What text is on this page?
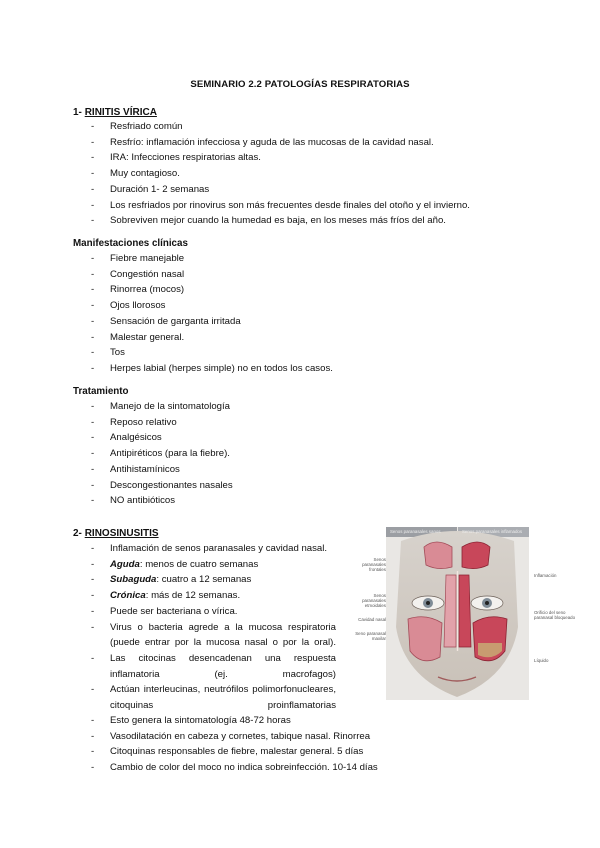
SEMINARIO 2.2 PATOLOGÍAS RESPIRATORIAS
1- RINITIS VÍRICA
- Resfriado común
- Resfrío: inflamación infecciosa y aguda de las mucosas de la cavidad nasal.
- IRA: Infecciones respiratorias altas.
- Muy contagioso.
- Duración 1- 2 semanas
- Los resfriados por rinovirus son más frecuentes desde finales del otoño y el invierno.
- Sobreviven mejor cuando la humedad es baja, en los meses más fríos del año.
Manifestaciones clínicas
- Fiebre manejable
- Congestión nasal
- Rinorrea (mocos)
- Ojos llorosos
- Sensación de garganta irritada
- Malestar general.
- Tos
- Herpes labial (herpes simple) no en todos los casos.
Tratamiento
- Manejo de la sintomatología
- Reposo relativo
- Analgésicos
- Antipiréticos (para la fiebre).
- Antihistamínicos
- Descongestionantes nasales
- NO antibióticos
2- RINOSINUSITIS
- Inflamación de senos paranasales y cavidad nasal.
- Aguda: menos de cuatro semanas
- Subaguda: cuatro a 12 semanas
- Crónica: más de 12 semanas.
- Puede ser bacteriana o vírica.
- Virus o bacteria agrede a la mucosa respiratoria (puede entrar por la mucosa nasal o por la oral).
- Las citocinas desencadenan una respuesta inflamatoria (ej. macrofagos)
- Actúan interleucinas, neutrófilos polimorfonucleares, citoquinas proinflamatorias
- Esto genera la sintomatología 48-72 horas
- Vasodilatación en cabeza y cornetes, tabique nasal. Rinorrea
- Citoquinas responsables de fiebre, malestar general. 5 días
- Cambio de color del moco no indica sobreinfección. 10-14 días
Senos paranasales sanos	Senos paranasales inflamados
Senos paranasales frontales
Senos paranasales etmoidales
Cavidad nasal
Seno paranasal maxilar
Inflamación
Orificio del seno paranasal bloqueado
Líquido
